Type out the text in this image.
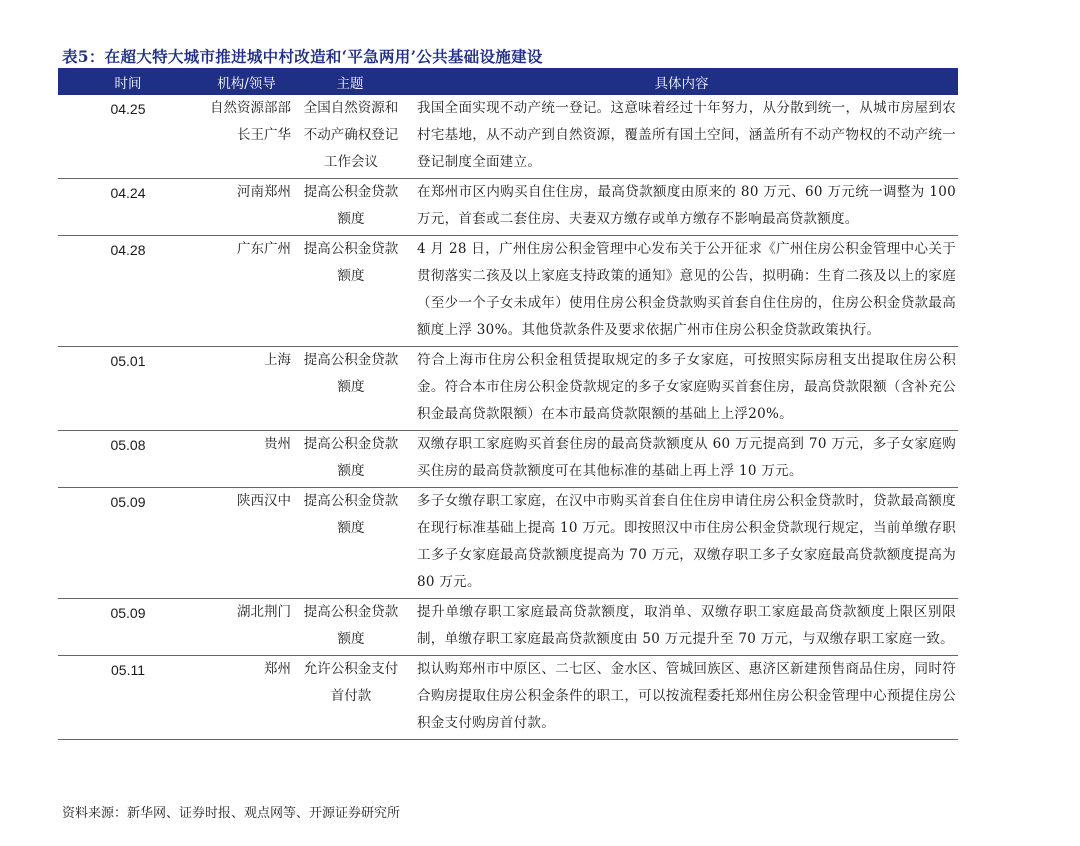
表5：在超大特大城市推进城中村改造和‘平急两用’公共基础设施建设
时间	机构/领导	主题	具体内容
04.25	自然资源部部长王广华	全国自然资源和不动产确权登记工作会议	我国全面实现不动产统一登记。这意味着经过十年努力，从分散到统一，从城市房屋到农村宅基地，从不动产到自然资源，覆盖所有国土空间，涵盖所有不动产物权的不动产统一登记制度全面建立。
04.24	河南郑州	提高公积金贷款额度	在郑州市区内购买自住住房，最高贷款额度由原来的 80 万元、60 万元统一调整为 100 万元，首套或二套住房、夫妻双方缴存或单方缴存不影响最高贷款额度。
04.28	广东广州	提高公积金贷款额度	4 月 28 日，广州住房公积金管理中心发布关于公开征求《广州住房公积金管理中心关于贯彻落实二孩及以上家庭支持政策的通知》意见的公告，拟明确：生育二孩及以上的家庭（至少一个子女未成年）使用住房公积金贷款购买首套自住住房的，住房公积金贷款最高额度上浮 30%。其他贷款条件及要求依据广州市住房公积金贷款政策执行。
05.01	上海	提高公积金贷款额度	符合上海市住房公积金租赁提取规定的多子女家庭，可按照实际房租支出提取住房公积金。符合本市住房公积金贷款规定的多子女家庭购买首套住房，最高贷款限额（含补充公积金最高贷款限额）在本市最高贷款限额的基础上上浮20%。
05.08	贵州	提高公积金贷款额度	双缴存职工家庭购买首套住房的最高贷款额度从 60 万元提高到 70 万元，多子女家庭购买住房的最高贷款额度可在其他标准的基础上再上浮 10 万元。
05.09	陕西汉中	提高公积金贷款额度	多子女缴存职工家庭，在汉中市购买首套自住住房申请住房公积金贷款时，贷款最高额度在现行标准基础上提高 10 万元。即按照汉中市住房公积金贷款现行规定，当前单缴存职工多子女家庭最高贷款额度提高为 70 万元，双缴存职工多子女家庭最高贷款额度提高为 80 万元。
05.09	湖北荆门	提高公积金贷款额度	提升单缴存职工家庭最高贷款额度，取消单、双缴存职工家庭最高贷款额度上限区别限制，单缴存职工家庭最高贷款额度由 50 万元提升至 70 万元，与双缴存职工家庭一致。
05.11	郑州	允许公积金支付首付款	拟认购郑州市中原区、二七区、金水区、管城回族区、惠济区新建预售商品住房，同时符合购房提取住房公积金条件的职工，可以按流程委托郑州住房公积金管理中心预提住房公积金支付购房首付款。
资料来源：新华网、证券时报、观点网等、开源证券研究所
